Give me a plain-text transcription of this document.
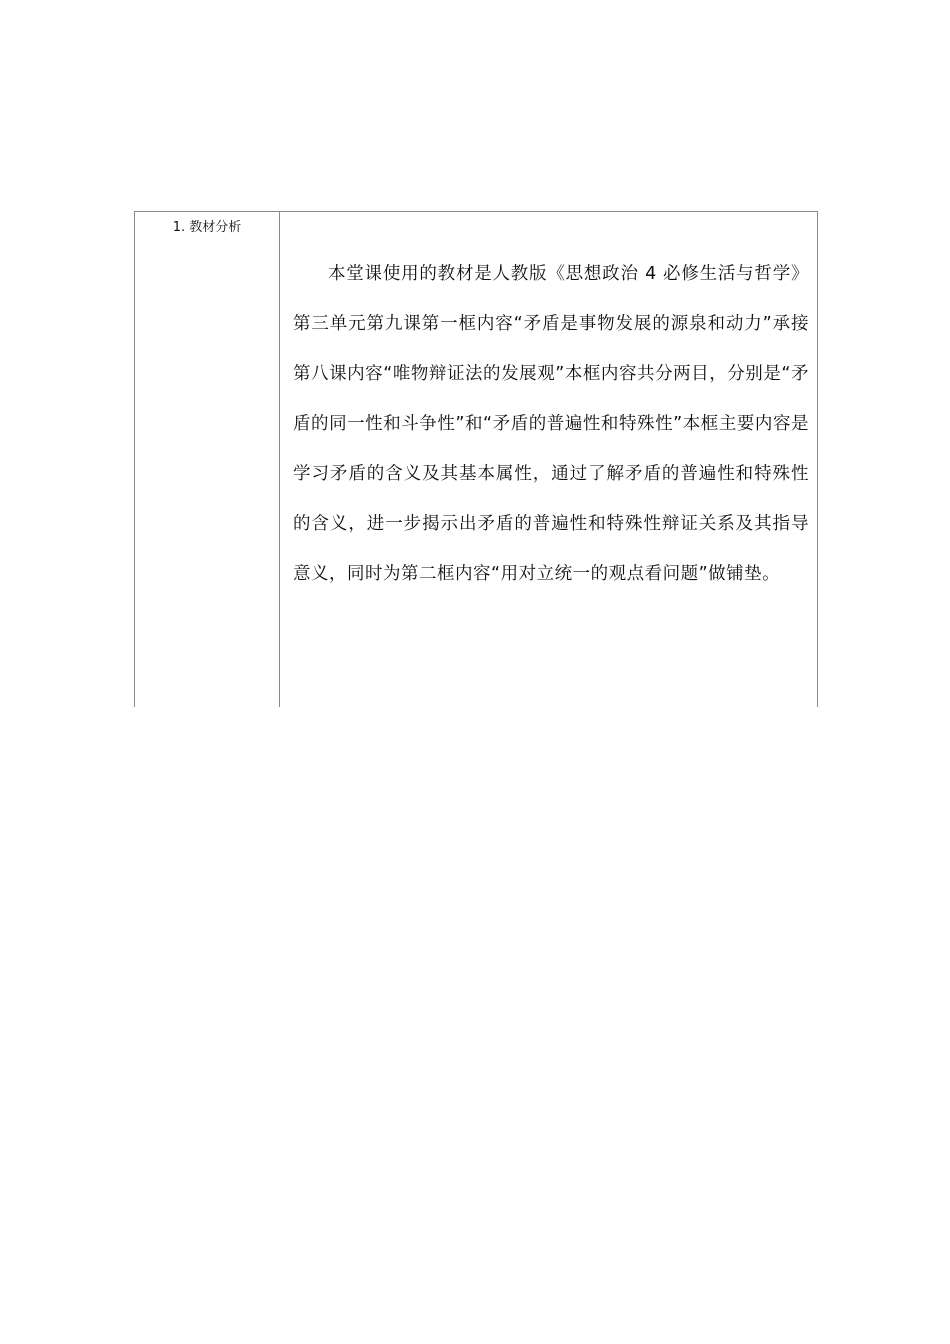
1. 教材分析

本堂课使用的教材是人教版《思想政治 4 必修生活与哲学》第三单元第九课第一框内容“矛盾是事物发展的源泉和动力”承接第八课内容“唯物辩证法的发展观”本框内容共分两目，分别是“矛盾的同一性和斗争性”和“矛盾的普遍性和特殊性”本框主要内容是学习矛盾的含义及其基本属性，通过了解矛盾的普遍性和特殊性的含义，进一步揭示出矛盾的普遍性和特殊性辩证关系及其指导意义，同时为第二框内容“用对立统一的观点看问题”做铺垫。
